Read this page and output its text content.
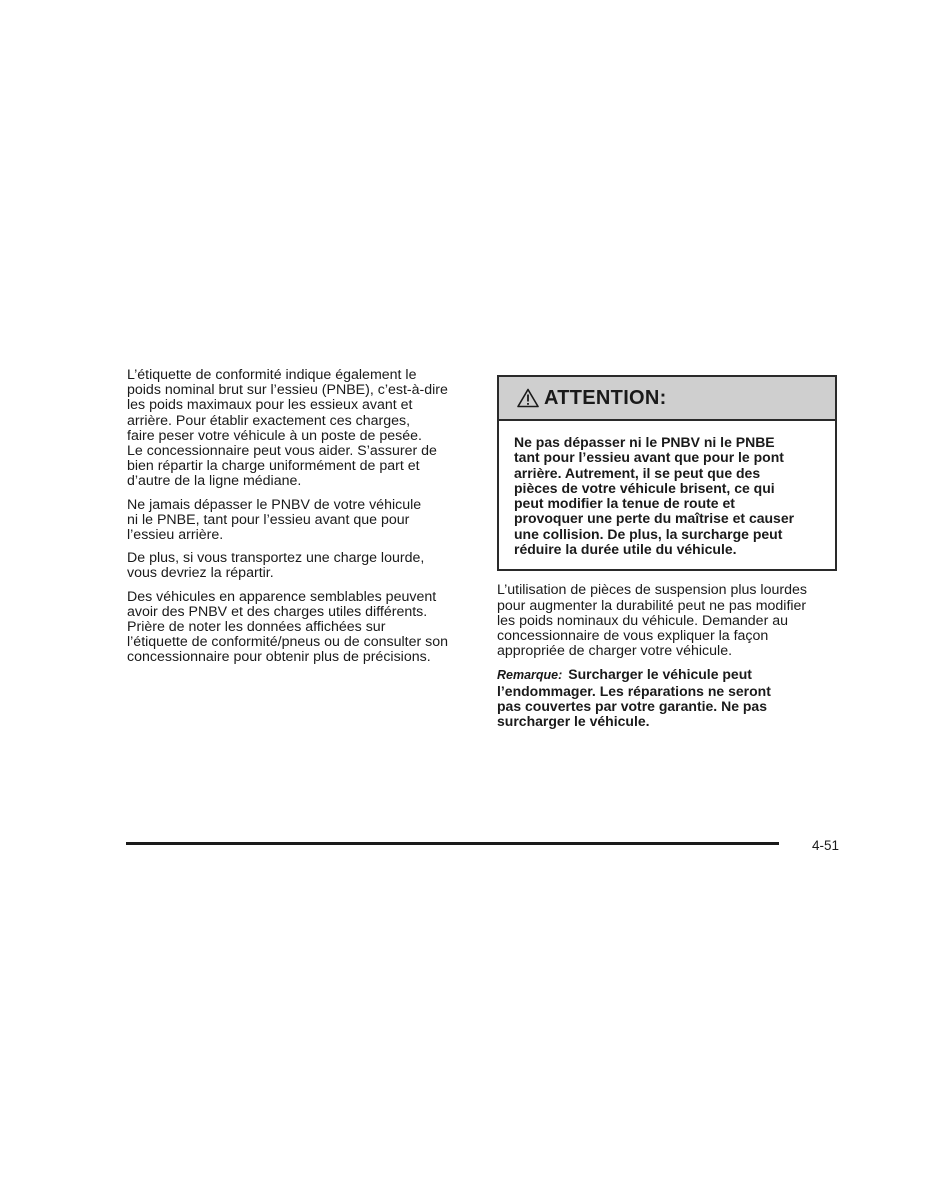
L’étiquette de conformité indique également le
poids nominal brut sur l’essieu (PNBE), c’est-à-dire
les poids maximaux pour les essieux avant et
arrière. Pour établir exactement ces charges,
faire peser votre véhicule à un poste de pesée.
Le concessionnaire peut vous aider. S’assurer de
bien répartir la charge uniformément de part et
d’autre de la ligne médiane.

Ne jamais dépasser le PNBV de votre véhicule
ni le PNBE, tant pour l’essieu avant que pour
l’essieu arrière.

De plus, si vous transportez une charge lourde,
vous devriez la répartir.

Des véhicules en apparence semblables peuvent
avoir des PNBV et des charges utiles différents.
Prière de noter les données affichées sur
l’étiquette de conformité/pneus ou de consulter son
concessionnaire pour obtenir plus de précisions.

ATTENTION:
Ne pas dépasser ni le PNBV ni le PNBE
tant pour l’essieu avant que pour le pont
arrière. Autrement, il se peut que des
pièces de votre véhicule brisent, ce qui
peut modifier la tenue de route et
provoquer une perte du maîtrise et causer
une collision. De plus, la surcharge peut
réduire la durée utile du véhicule.
L’utilisation de pièces de suspension plus lourdes
pour augmenter la durabilité peut ne pas modifier
les poids nominaux du véhicule. Demander au
concessionnaire de vous expliquer la façon
appropriée de charger votre véhicule.
Remarque: Surcharger le véhicule peut
l’endommager. Les réparations ne seront
pas couvertes par votre garantie. Ne pas
surcharger le véhicule.
4-51
